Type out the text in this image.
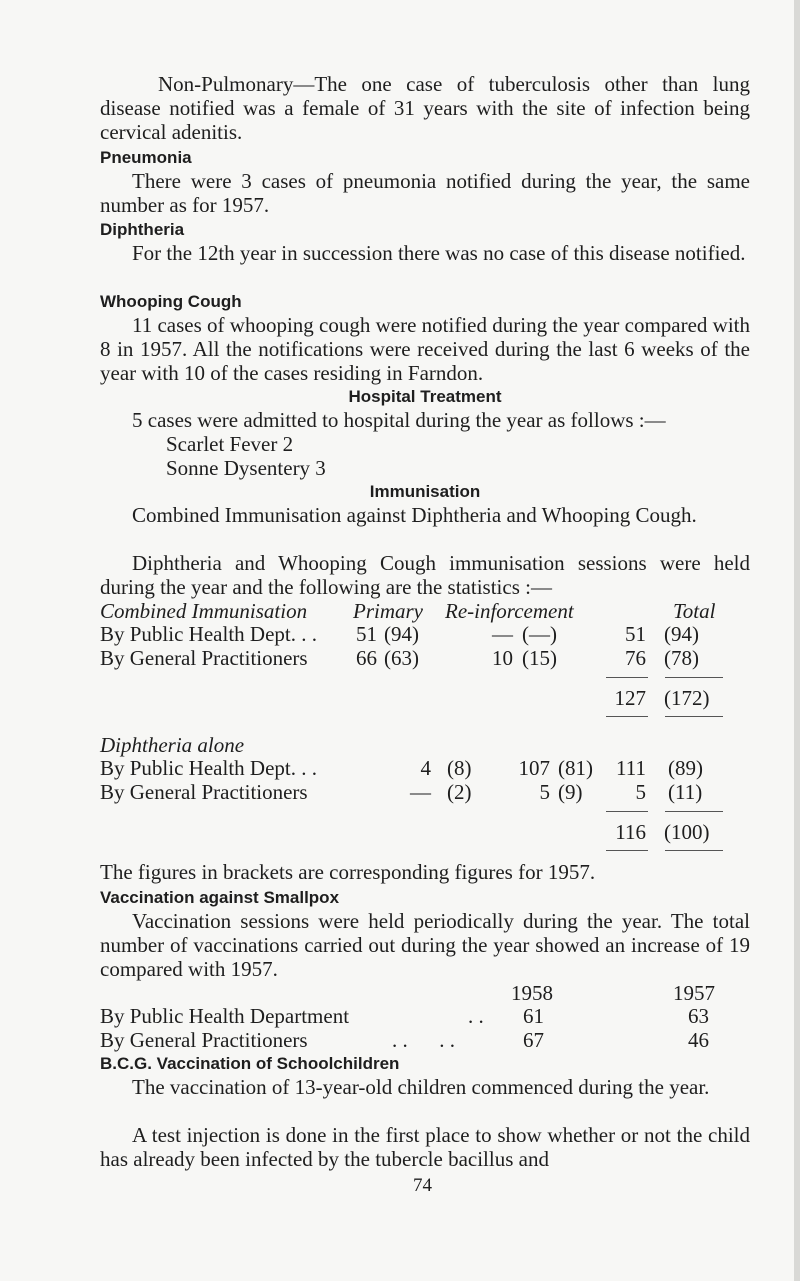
Non-Pulmonary—The one case of tuberculosis other than lung disease notified was a female of 31 years with the site of infection being cervical adenitis.
Pneumonia
There were 3 cases of pneumonia notified during the year, the same number as for 1957.
Diphtheria
For the 12th year in succession there was no case of this disease notified.
Whooping Cough
11 cases of whooping cough were notified during the year compared with 8 in 1957. All the notifications were received during the last 6 weeks of the year with 10 of the cases residing in Farndon.
Hospital Treatment
5 cases were admitted to hospital during the year as follows :—
Scarlet Fever 2
Sonne Dysentery 3
Immunisation
Combined Immunisation against Diphtheria and Whooping Cough.
Diphtheria and Whooping Cough immunisation sessions were held during the year and the following are the statistics :—
Combined Immunisation Primary Re-inforcement	Total
By Public Health Dept. . .	51 (94)	— (—)	51 (94)
By General Practitioners	66 (63)	10 (15)	76 (78)
127 (172)
Diphtheria alone
By Public Health Dept. . .	4 (8)	107 (81)	111 (89)
By General Practitioners	— (2)	5 (9)	5 (11)
116 (100)
The figures in brackets are corresponding figures for 1957.
Vaccination against Smallpox
Vaccination sessions were held periodically during the year. The total number of vaccinations carried out during the year showed an increase of 19 compared with 1957.
1958	1957
By Public Health Department	. . 61	63
By General Practitioners	. .      . .	67	46
B.C.G. Vaccination of Schoolchildren
The vaccination of 13-year-old children commenced during the year.
A test injection is done in the first place to show whether or not the child has already been infected by the tubercle bacillus and
74
